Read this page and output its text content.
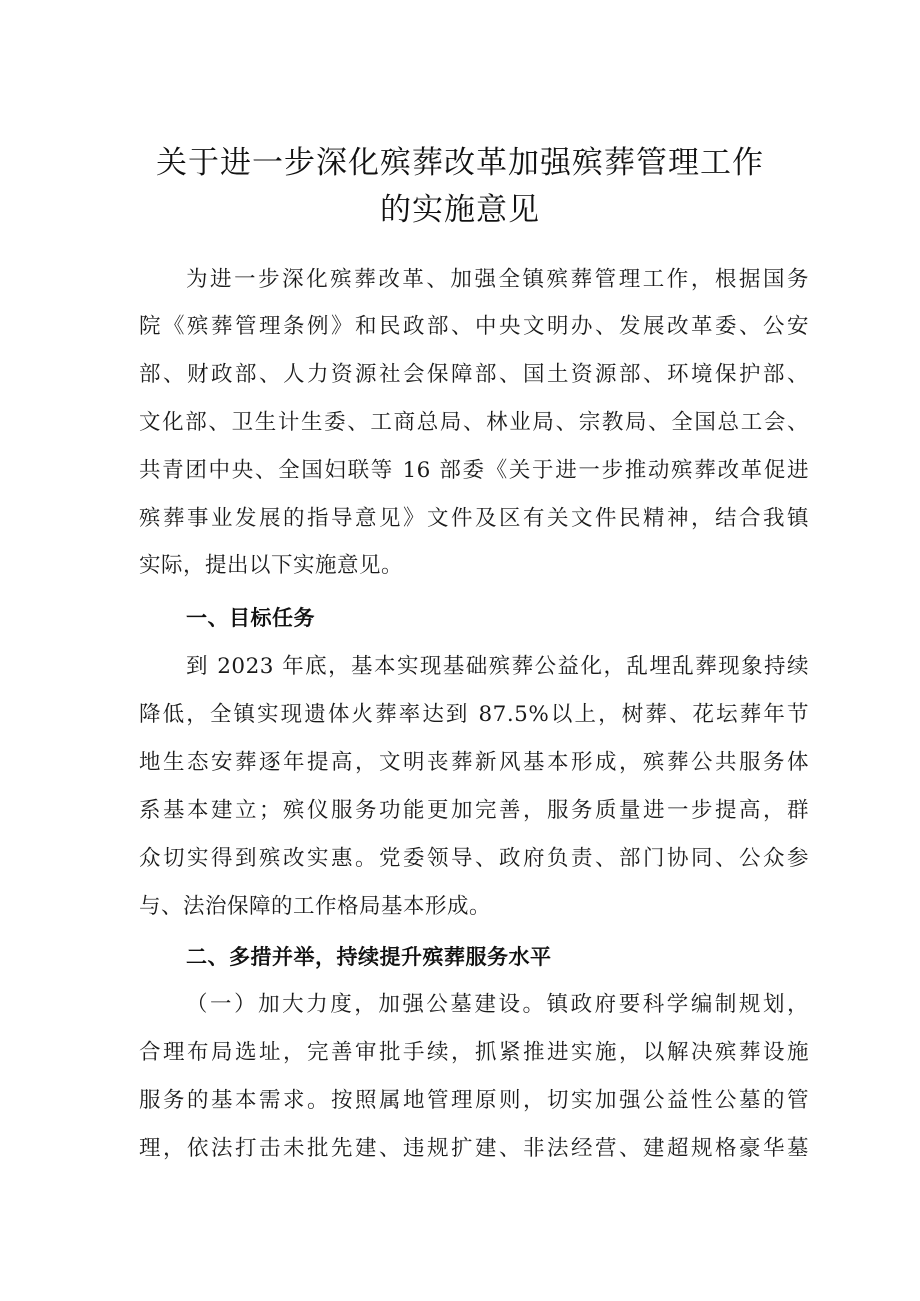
关于进一步深化殡葬改革加强殡葬管理工作
的实施意见

为进一步深化殡葬改革、加强全镇殡葬管理工作，根据国务

院《殡葬管理条例》和民政部、中央文明办、发展改革委、公安

部、财政部、人力资源社会保障部、国土资源部、环境保护部、

文化部、卫生计生委、工商总局、林业局、宗教局、全国总工会、

共青团中央、全国妇联等 16 部委《关于进一步推动殡葬改革促进

殡葬事业发展的指导意见》文件及区有关文件民精神，结合我镇

实际，提出以下实施意见。

一、目标任务

到 2023 年底，基本实现基础殡葬公益化，乱埋乱葬现象持续

降低，全镇实现遗体火葬率达到 87.5%以上，树葬、花坛葬年节

地生态安葬逐年提高，文明丧葬新风基本形成，殡葬公共服务体

系基本建立；殡仪服务功能更加完善，服务质量进一步提高，群

众切实得到殡改实惠。党委领导、政府负责、部门协同、公众参

与、法治保障的工作格局基本形成。

二、多措并举，持续提升殡葬服务水平

（一）加大力度，加强公墓建设。镇政府要科学编制规划，

合理布局选址，完善审批手续，抓紧推进实施，以解决殡葬设施

服务的基本需求。按照属地管理原则，切实加强公益性公墓的管

理，依法打击未批先建、违规扩建、非法经营、建超规格豪华墓
